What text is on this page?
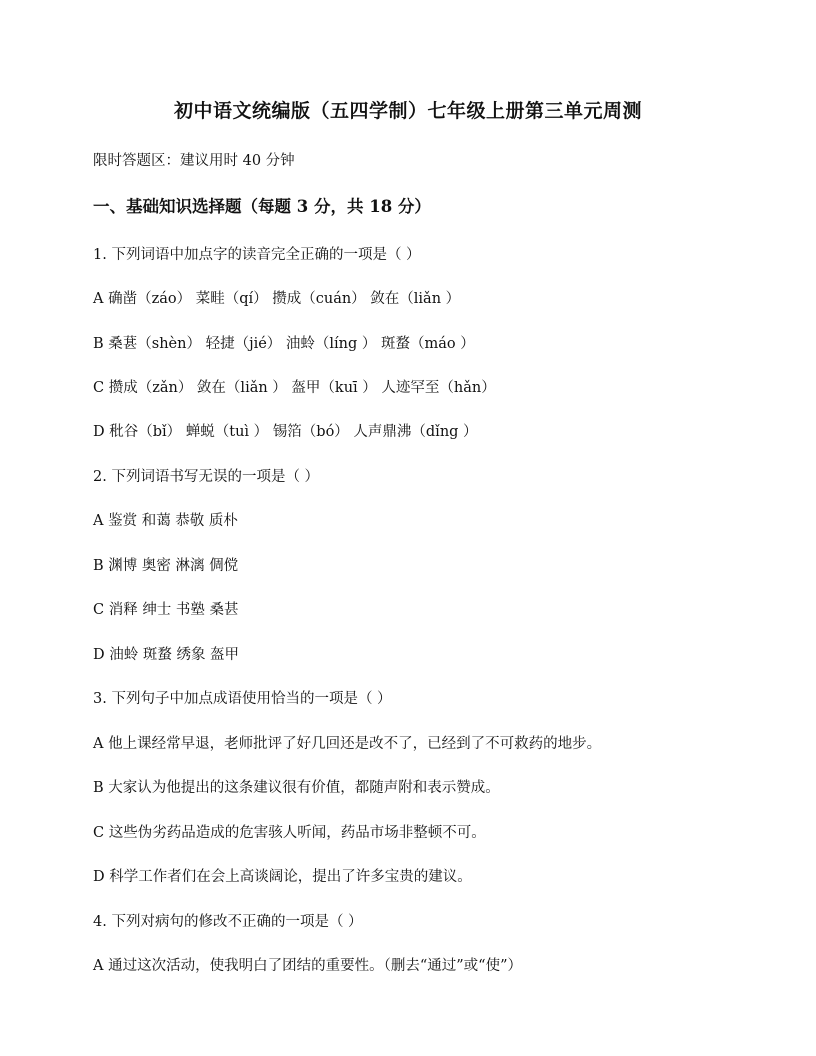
初中语文统编版（五四学制）七年级上册第三单元周测
限时答题区：建议用时 40 分钟
一、基础知识选择题（每题 3 分，共 18 分）
1. 下列词语中加点字的读音完全正确的一项是（ ）
A 确凿（záo） 菜畦（qí） 攒成（cuán） 敛在（liǎn ）
B 桑葚（shèn） 轻捷（jié） 油蛉（líng ） 斑蝥（máo ）
C 攒成（zǎn） 敛在（liǎn ） 盔甲（kuī ） 人迹罕至（hǎn）
D 秕谷（bǐ） 蝉蜕（tuì ） 锡箔（bó） 人声鼎沸（dǐng ）
2. 下列词语书写无误的一项是（ ）
A 鉴赏 和蔼 恭敬 质朴
B 渊博 奥密 淋漓 倜傥
C 消释 绅士 书塾 桑甚
D 油蛉 斑蝥 绣象 盔甲
3. 下列句子中加点成语使用恰当的一项是（ ）
A 他上课经常早退，老师批评了好几回还是改不了，已经到了不可救药的地步。
B 大家认为他提出的这条建议很有价值，都随声附和表示赞成。
C 这些伪劣药品造成的危害骇人听闻，药品市场非整顿不可。
D 科学工作者们在会上高谈阔论，提出了许多宝贵的建议。
4. 下列对病句的修改不正确的一项是（ ）
A 通过这次活动，使我明白了团结的重要性。（删去“通过”或“使”）
